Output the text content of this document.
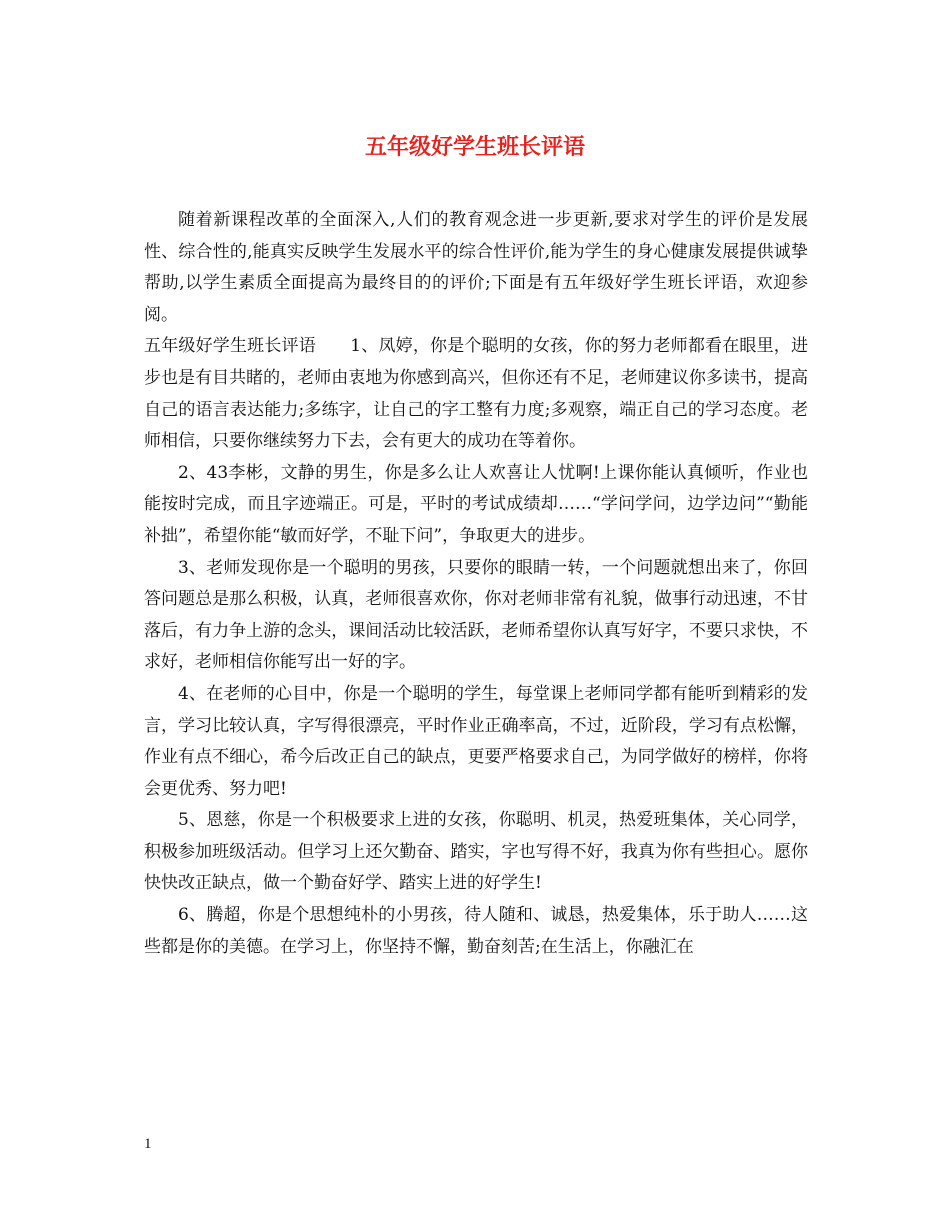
五年级好学生班长评语

随着新课程改革的全面深入,人们的教育观念进一步更新,要求对学生的评价是发展性、综合性的,能真实反映学生发展水平的综合性评价,能为学生的身心健康发展提供诚挚帮助,以学生素质全面提高为最终目的的评价;下面是有五年级好学生班长评语，欢迎参阅。

五年级好学生班长评语　　1、凤婷，你是个聪明的女孩，你的努力老师都看在眼里，进步也是有目共睹的，老师由衷地为你感到高兴，但你还有不足，老师建议你多读书，提高自己的语言表达能力;多练字，让自己的字工整有力度;多观察，端正自己的学习态度。老师相信，只要你继续努力下去，会有更大的成功在等着你。

2、43李彬，文静的男生，你是多么让人欢喜让人忧啊!上课你能认真倾听，作业也能按时完成，而且字迹端正。可是，平时的考试成绩却……“学问学问，边学边问”“勤能补拙”，希望你能“敏而好学，不耻下问”，争取更大的进步。

3、老师发现你是一个聪明的男孩，只要你的眼睛一转，一个问题就想出来了，你回答问题总是那么积极，认真，老师很喜欢你，你对老师非常有礼貌，做事行动迅速，不甘落后，有力争上游的念头，课间活动比较活跃，老师希望你认真写好字，不要只求快，不求好，老师相信你能写出一好的字。

4、在老师的心目中，你是一个聪明的学生，每堂课上老师同学都有能听到精彩的发言，学习比较认真，字写得很漂亮，平时作业正确率高，不过，近阶段，学习有点松懈，作业有点不细心，希今后改正自己的缺点，更要严格要求自己，为同学做好的榜样，你将会更优秀、努力吧!

5、恩慈，你是一个积极要求上进的女孩，你聪明、机灵，热爱班集体，关心同学，积极参加班级活动。但学习上还欠勤奋、踏实，字也写得不好，我真为你有些担心。愿你快快改正缺点，做一个勤奋好学、踏实上进的好学生!

6、腾超，你是个思想纯朴的小男孩，待人随和、诚恳，热爱集体，乐于助人……这些都是你的美德。在学习上，你坚持不懈，勤奋刻苦;在生活上，你融汇在

1
